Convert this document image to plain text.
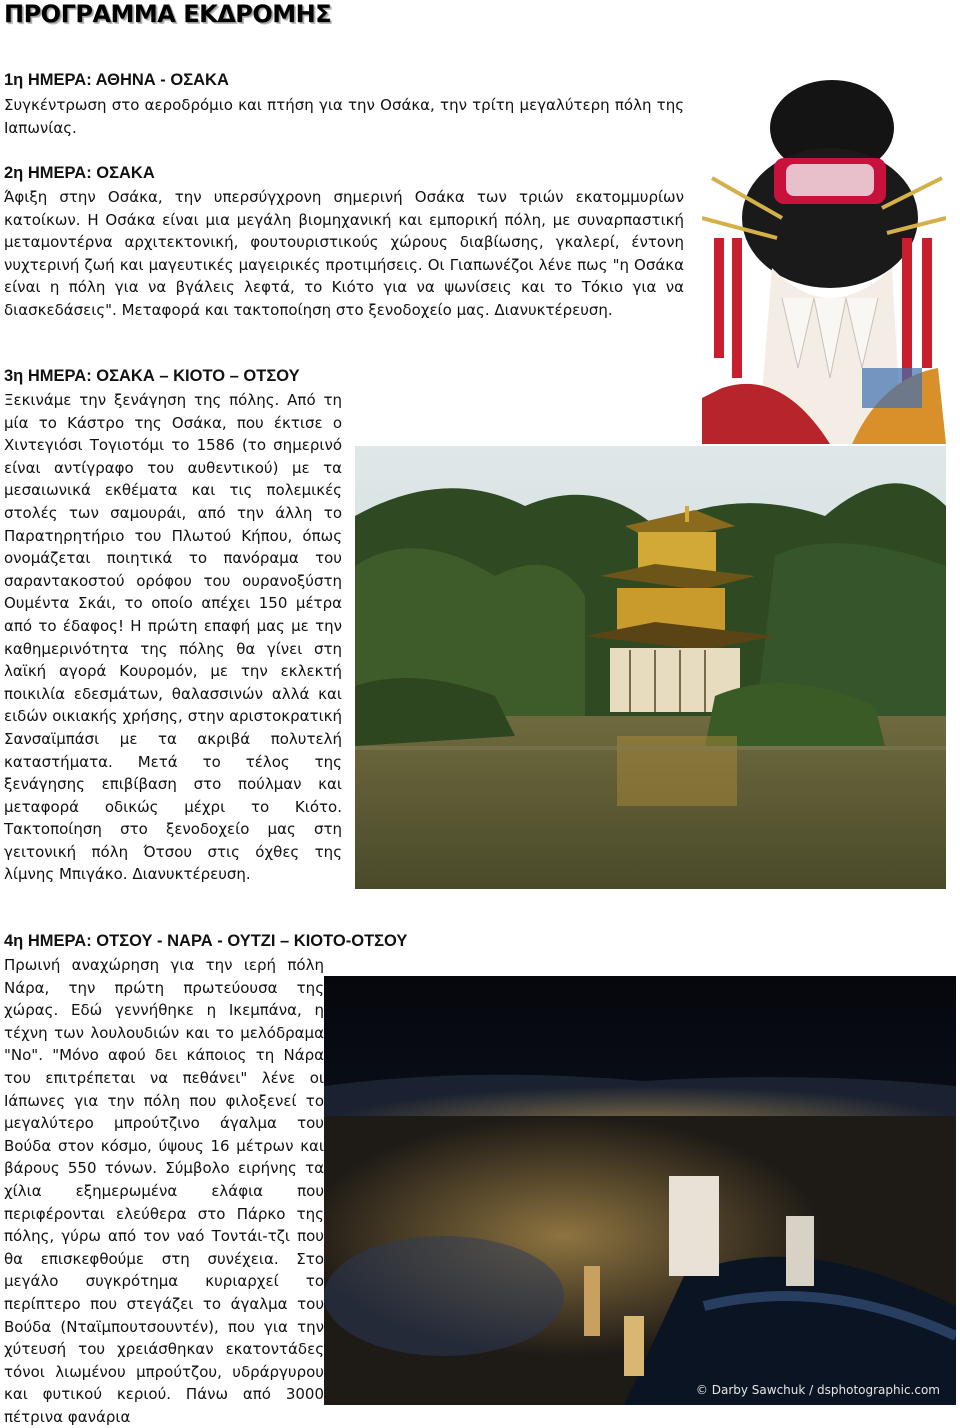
ΠΡΟΓΡΑΜΜΑ ΕΚΔΡΟΜΗΣ
1η ΗΜΕΡΑ: ΑΘΗΝΑ - ΟΣΑΚΑ

Συγκέντρωση στο αεροδρόμιο και πτήση για την Οσάκα, την τρίτη μεγαλύτερη πόλη της Ιαπωνίας.

2η ΗΜΕΡΑ: ΟΣΑΚΑ

Άφιξη στην Οσάκα, την υπερσύγχρονη σημερινή Οσάκα των τριών εκατομμυρίων κατοίκων. Η Οσάκα είναι μια μεγάλη βιομηχανική και εμπορική πόλη, με συναρπαστική μεταμοντέρνα αρχιτεκτονική, φουτουριστικούς χώρους διαβίωσης, γκαλερί, έντονη νυχτερινή ζωή και μαγευτικές μαγειρικές προτιμήσεις. Οι Γιαπωνέζοι λένε πως "η Οσάκα είναι η πόλη για να βγάλεις λεφτά, το Κιότο για να ψωνίσεις και το Τόκιο για να διασκεδάσεις". Μεταφορά και τακτοποίηση στο ξενοδοχείο μας. Διανυκτέρευση.

3η ΗΜΕΡΑ: ΟΣΑΚΑ – ΚΙΟΤΟ – ΟΤΣΟΥ

Ξεκινάμε την ξενάγηση της πόλης. Από τη μία το Κάστρο της Οσάκα, που έκτισε ο Χιντεγιόσι Τογιοτόμι το 1586 (το σημερινό είναι αντίγραφο του αυθεντικού) με τα μεσαιωνικά εκθέματα και τις πολεμικές στολές των σαμουράι, από την άλλη το Παρατηρητήριο του Πλωτού Κήπου, όπως ονομάζεται ποιητικά το πανόραμα του σαραντακοστού ορόφου του ουρανοξύστη Ουμέντα Σκάι, το οποίο απέχει 150 μέτρα από το έδαφος! Η πρώτη επαφή μας με την καθημερινότητα της πόλης θα γίνει στη λαϊκή αγορά Κουρομόν, με την εκλεκτή ποικιλία εδεσμάτων, θαλασσινών αλλά και ειδών οικιακής χρήσης, στην αριστοκρατική Σανσαϊμπάσι με τα ακριβά πολυτελή καταστήματα. Μετά το τέλος της ξενάγησης επιβίβαση στο πούλμαν και μεταφορά οδικώς μέχρι το Κιότο. Τακτοποίηση στο ξενοδοχείο μας στη γειτονική πόλη Ότσου στις όχθες της λίμνης Μπιγάκο. Διανυκτέρευση.

4η ΗΜΕΡΑ: ΟΤΣΟΥ - ΝΑΡΑ - ΟΥΤΖΙ – ΚΙΟΤΟ-ΟΤΣΟΥ

Πρωινή αναχώρηση για την ιερή πόλη Νάρα, την πρώτη πρωτεύουσα της χώρας. Εδώ γεννήθηκε η Ικεμπάνα, η τέχνη των λουλουδιών και το μελόδραμα "Νο". "Μόνο αφού δει κάποιος τη Νάρα του επιτρέπεται να πεθάνει" λένε οι Ιάπωνες για την πόλη που φιλοξενεί το μεγαλύτερο μπρούτζινο άγαλμα του Βούδα στον κόσμο, ύψους 16 μέτρων και βάρους 550 τόνων. Σύμβολο ειρήνης τα χίλια εξημερωμένα ελάφια που περιφέρονται ελεύθερα στο Πάρκο της πόλης, γύρω από τον ναό Τοντάι-τζι που θα επισκεφθούμε στη συνέχεια. Στο μεγάλο συγκρότημα κυριαρχεί το περίπτερο που στεγάζει το άγαλμα του Βούδα (Νταϊμπουτσουντέν), που για την χύτευσή του χρειάσθηκαν εκατοντάδες τόνοι λιωμένου μπρούτζου, υδράργυρου και φυτικού κεριού. Πάνω από 3000 πέτρινα φανάρια

© Darby Sawchuk / dsphotographic.com
